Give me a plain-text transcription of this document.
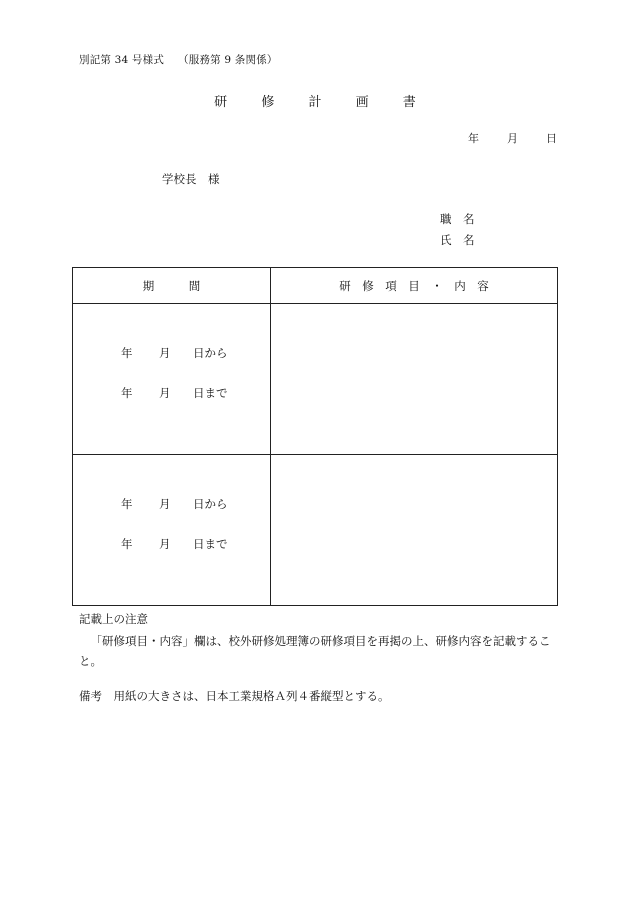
別記第 34 号様式 （服務第 9 条関係）
研	修	計	画	書
年	月	日
学校長　様
職　名
氏　名
期　　　間	研　修　項　目　・　内　容

年 月 日から
年 月 日まで	

年 月 日から
年 月 日まで	

記載上の注意
「研修項目・内容」欄は、校外研修処理簿の研修項目を再掲の上、研修内容を記載すること。
備考　用紙の大きさは、日本工業規格Ａ列４番縦型とする。
